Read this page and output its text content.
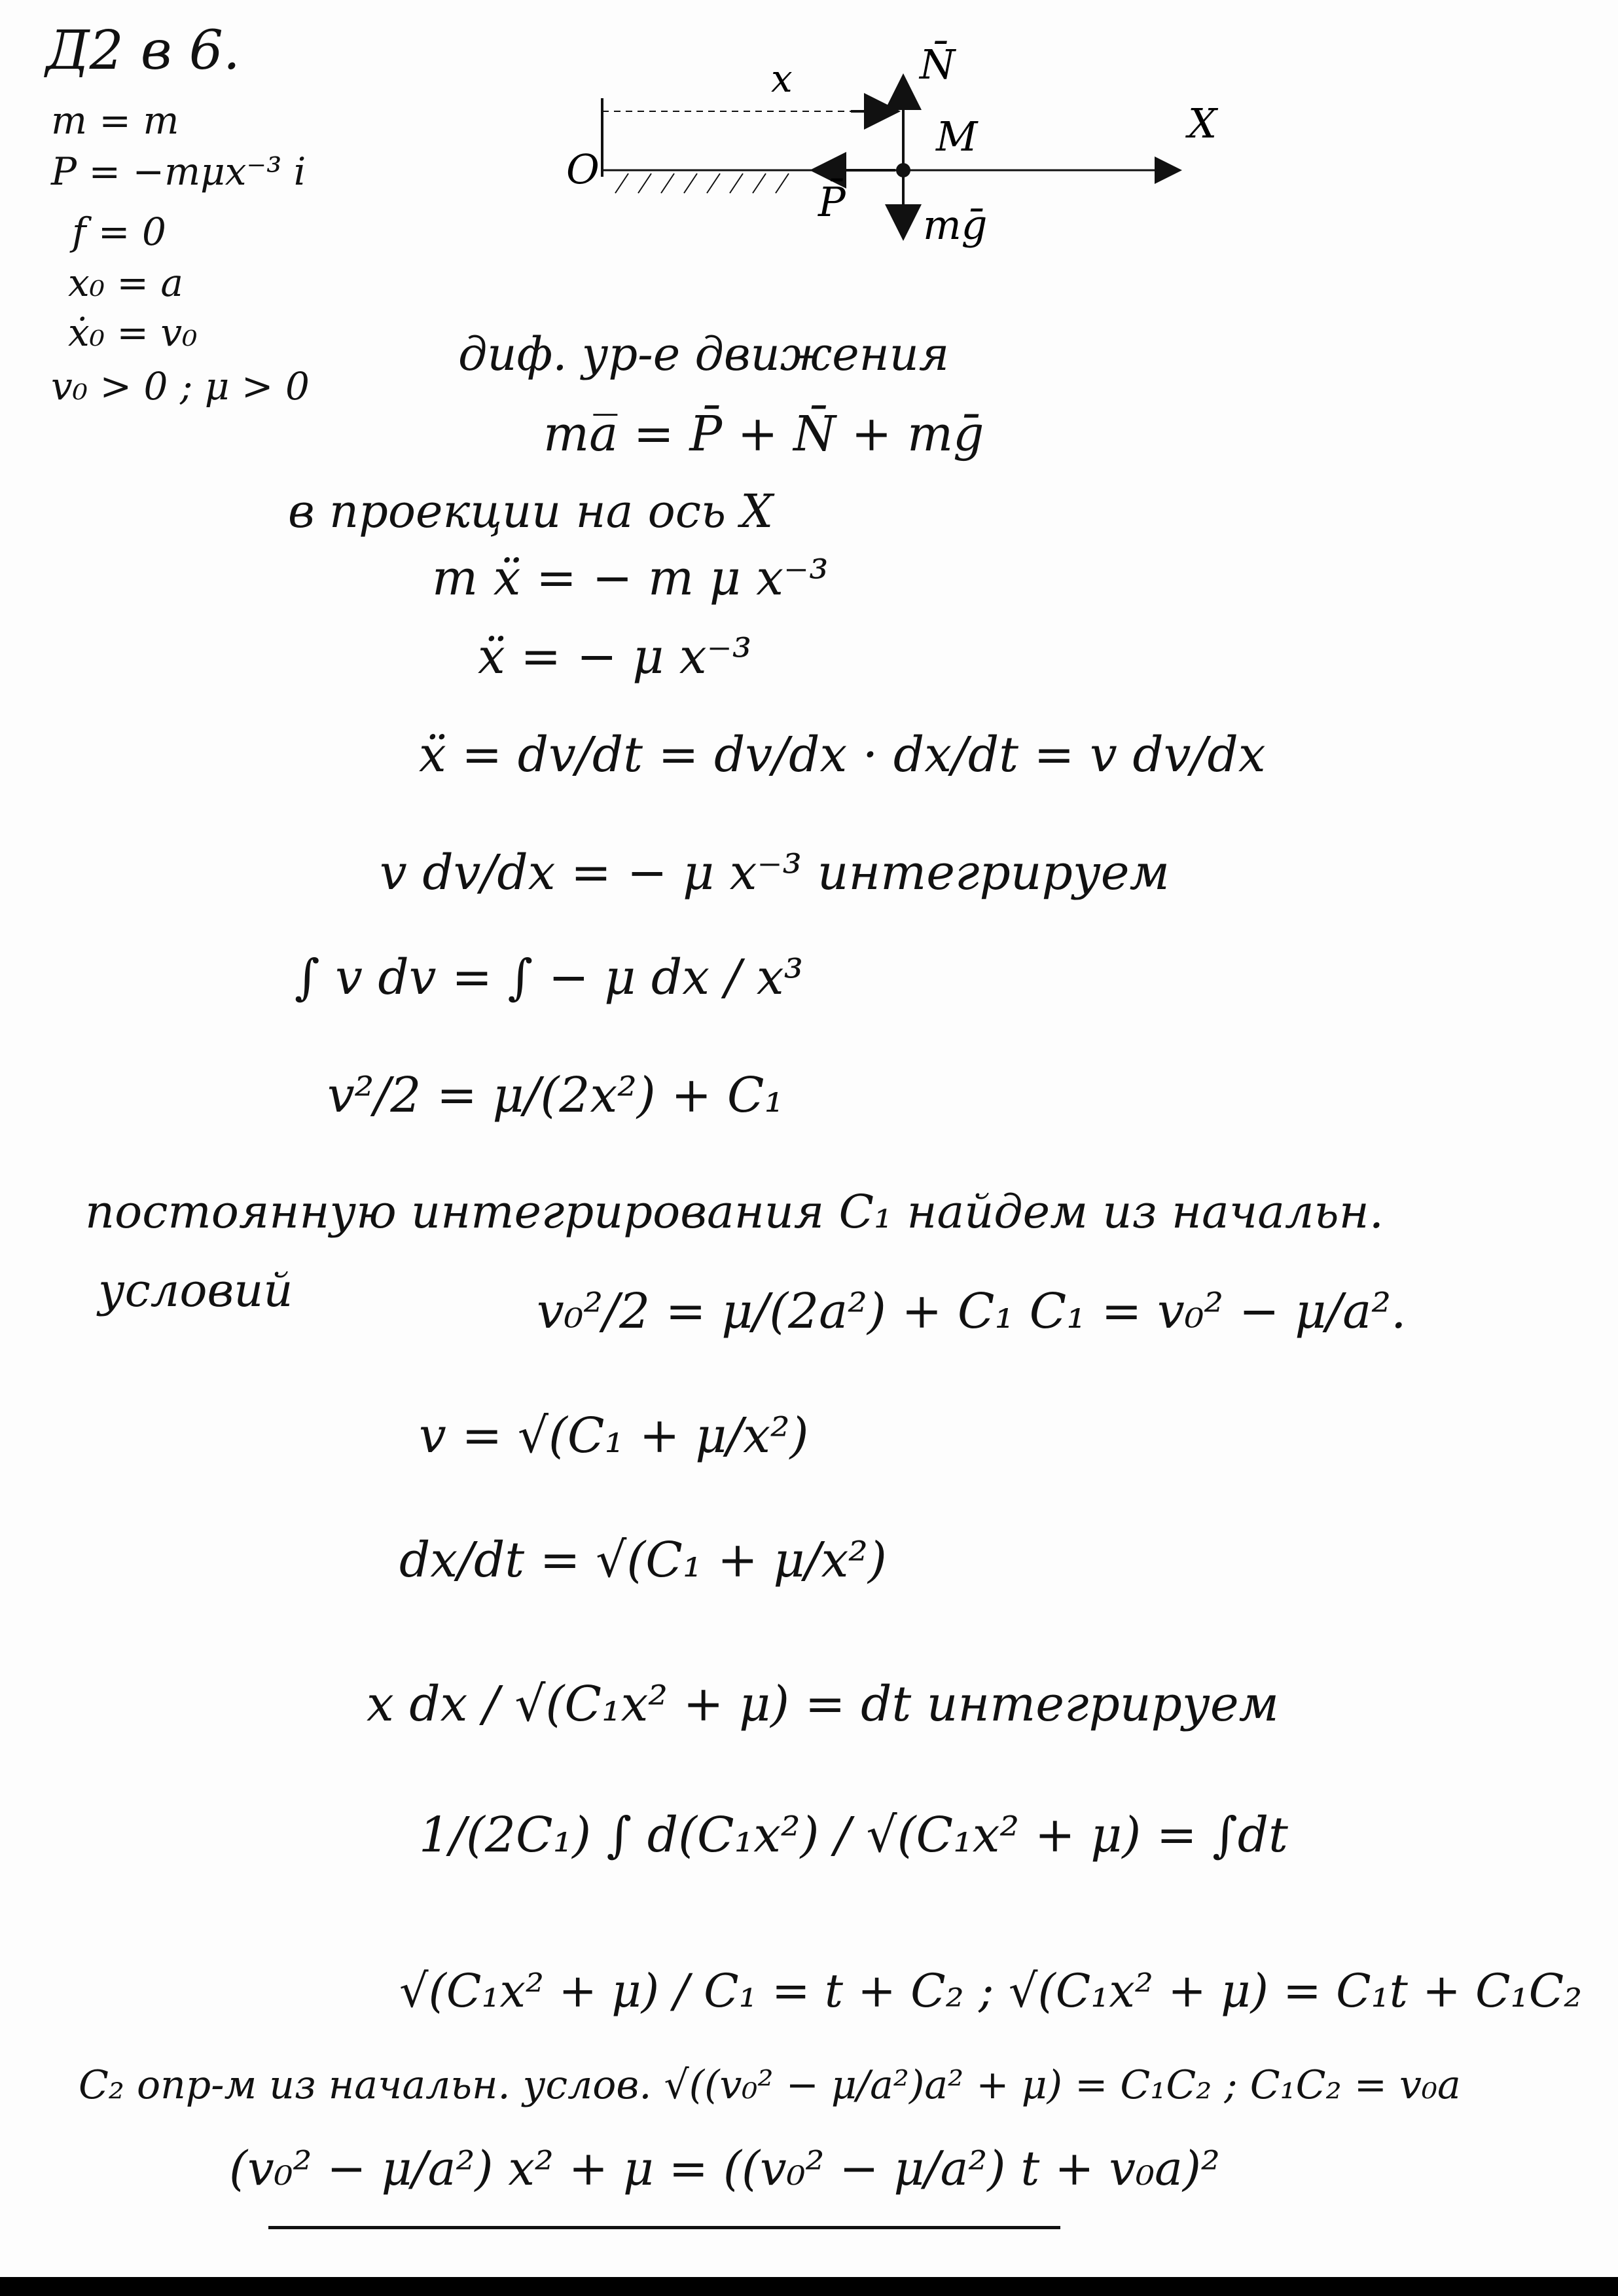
Д2 в 6.
m = m
P = −mμx⁻³ i
f = 0
x₀ = a
ẋ₀ = v₀
v₀ > 0 ; μ > 0
O
x
X
M
N̄
P̄ mḡ
диф. ур-е движения
ma̅ = P̄ + N̄ + mḡ
в проекции на ось X
m ẍ = − m μ x⁻³
ẍ = − μ x⁻³
ẍ = dv/dt = dv/dx · dx/dt = v dv/dx
v dv/dx = − μ x⁻³ интегрируем
∫ v dv = ∫ − μ dx / x³
v²/2 = μ/(2x²) + C₁
постоянную интегрирования C₁ найдем из начальн.
условий	v₀²/2 = μ/(2a²) + C₁ C₁ = v₀² − μ/a².
v = √(C₁ + μ/x²)
dx/dt = √(C₁ + μ/x²)
x dx / √(C₁x² + μ) = dt интегрируем
1/(2C₁) ∫ d(C₁x²) / √(C₁x² + μ) = ∫dt
√(C₁x² + μ) / C₁ = t + C₂ ; √(C₁x² + μ) = C₁t + C₁C₂
C₂ опр-м из начальн. услов. √((v₀² − μ/a²)a² + μ) = C₁C₂ ; C₁C₂ = v₀a
(v₀² − μ/a²) x² + μ = ((v₀² − μ/a²) t + v₀a)²
